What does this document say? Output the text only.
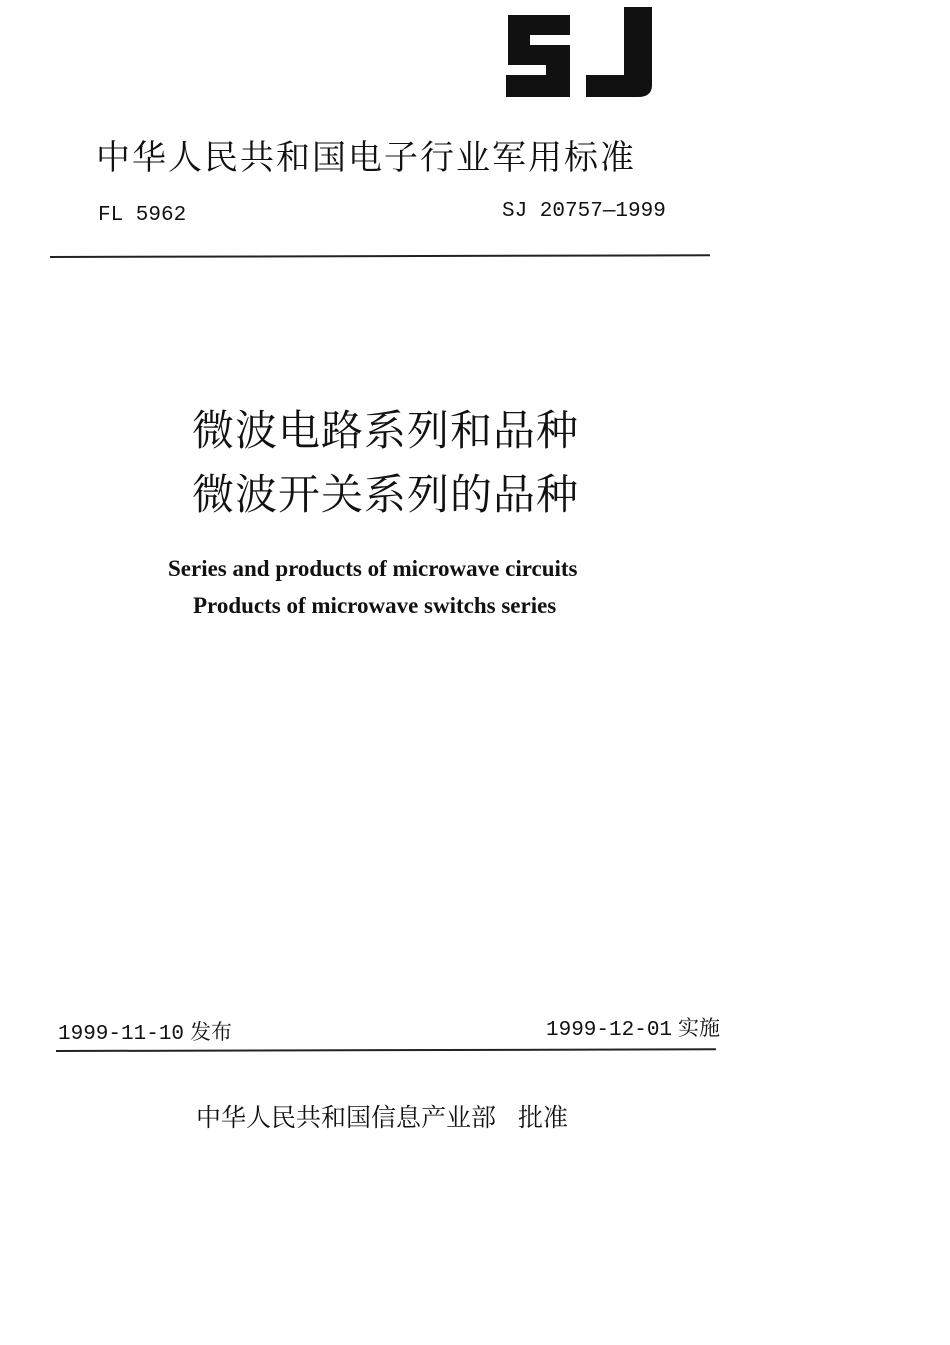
中华人民共和国电子行业军用标准
FL 5962	SJ 20757—1999
微波电路系列和品种
微波开关系列的品种
Series and products of microwave circuits
Products of microwave switchs series
1999-11-10 发布	1999-12-01 实施
中华人民共和国信息产业部 批准
